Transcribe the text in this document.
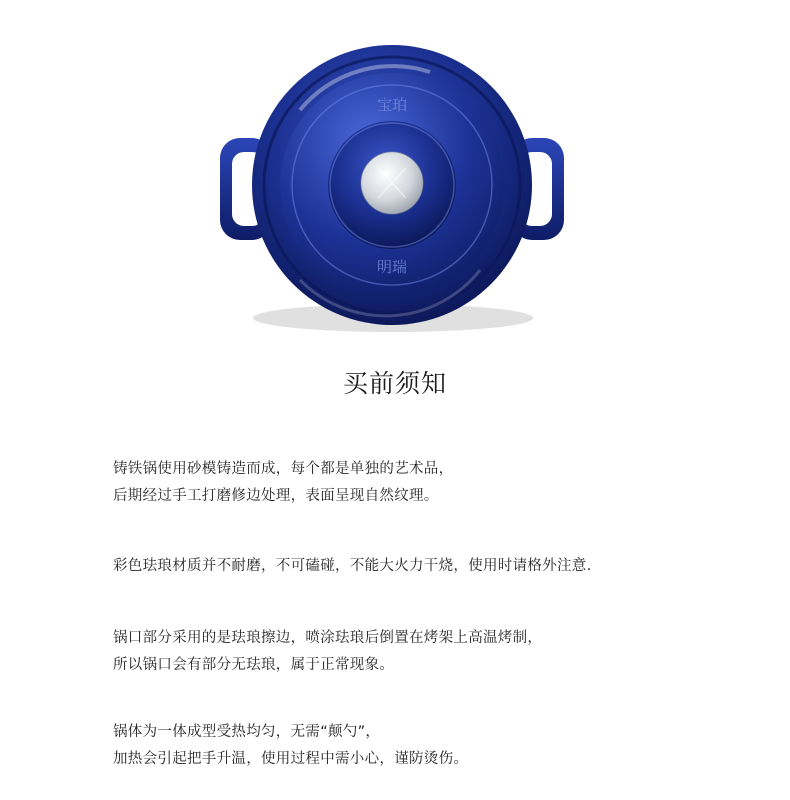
宝珀
明瑞
买前须知

铸铁锅使用砂模铸造而成，每个都是单独的艺术品，
后期经过手工打磨修边处理，表面呈现自然纹理。

彩色珐琅材质并不耐磨，不可磕碰，不能大火力干烧，使用时请格外注意.

锅口部分采用的是珐琅擦边，喷涂珐琅后倒置在烤架上高温烤制，
所以锅口会有部分无珐琅，属于正常现象。

锅体为一体成型受热均匀，无需“颠勺”，
加热会引起把手升温，使用过程中需小心，谨防烫伤。
